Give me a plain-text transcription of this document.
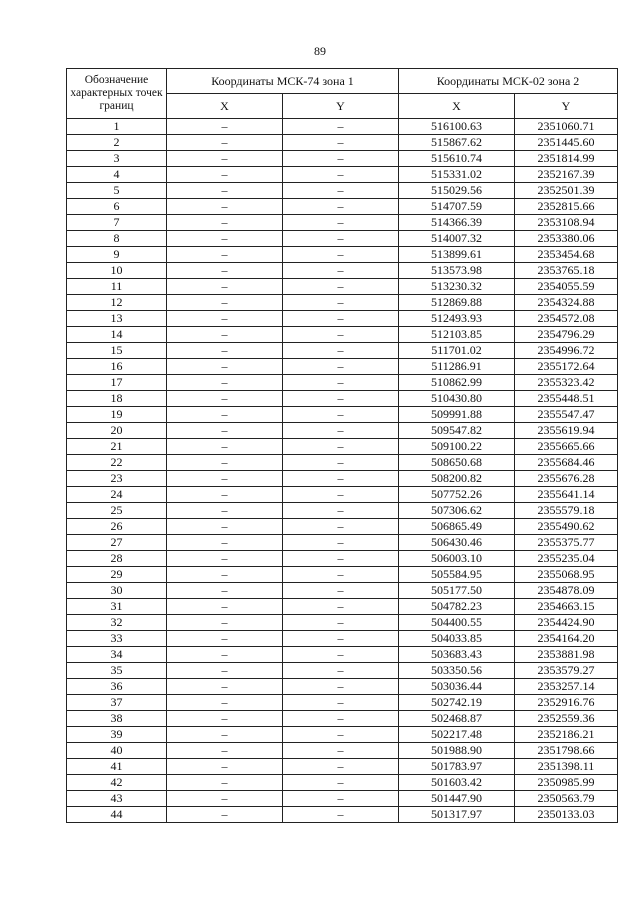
89
Обозначение характерных точек границ	Координаты МСК-74 зона 1		Координаты МСК-02 зона 2	
	X	Y	X	Y
1	–	–	516100.63	2351060.71
2	–	–	515867.62	2351445.60
3	–	–	515610.74	2351814.99
4	–	–	515331.02	2352167.39
5	–	–	515029.56	2352501.39
6	–	–	514707.59	2352815.66
7	–	–	514366.39	2353108.94
8	–	–	514007.32	2353380.06
9	–	–	513899.61	2353454.68
10	–	–	513573.98	2353765.18
11	–	–	513230.32	2354055.59
12	–	–	512869.88	2354324.88
13	–	–	512493.93	2354572.08
14	–	–	512103.85	2354796.29
15	–	–	511701.02	2354996.72
16	–	–	511286.91	2355172.64
17	–	–	510862.99	2355323.42
18	–	–	510430.80	2355448.51
19	–	–	509991.88	2355547.47
20	–	–	509547.82	2355619.94
21	–	–	509100.22	2355665.66
22	–	–	508650.68	2355684.46
23	–	–	508200.82	2355676.28
24	–	–	507752.26	2355641.14
25	–	–	507306.62	2355579.18
26	–	–	506865.49	2355490.62
27	–	–	506430.46	2355375.77
28	–	–	506003.10	2355235.04
29	–	–	505584.95	2355068.95
30	–	–	505177.50	2354878.09
31	–	–	504782.23	2354663.15
32	–	–	504400.55	2354424.90
33	–	–	504033.85	2354164.20
34	–	–	503683.43	2353881.98
35	–	–	503350.56	2353579.27
36	–	–	503036.44	2353257.14
37	–	–	502742.19	2352916.76
38	–	–	502468.87	2352559.36
39	–	–	502217.48	2352186.21
40	–	–	501988.90	2351798.66
41	–	–	501783.97	2351398.11
42	–	–	501603.42	2350985.99
43	–	–	501447.90	2350563.79
44	–	–	501317.97	2350133.03
